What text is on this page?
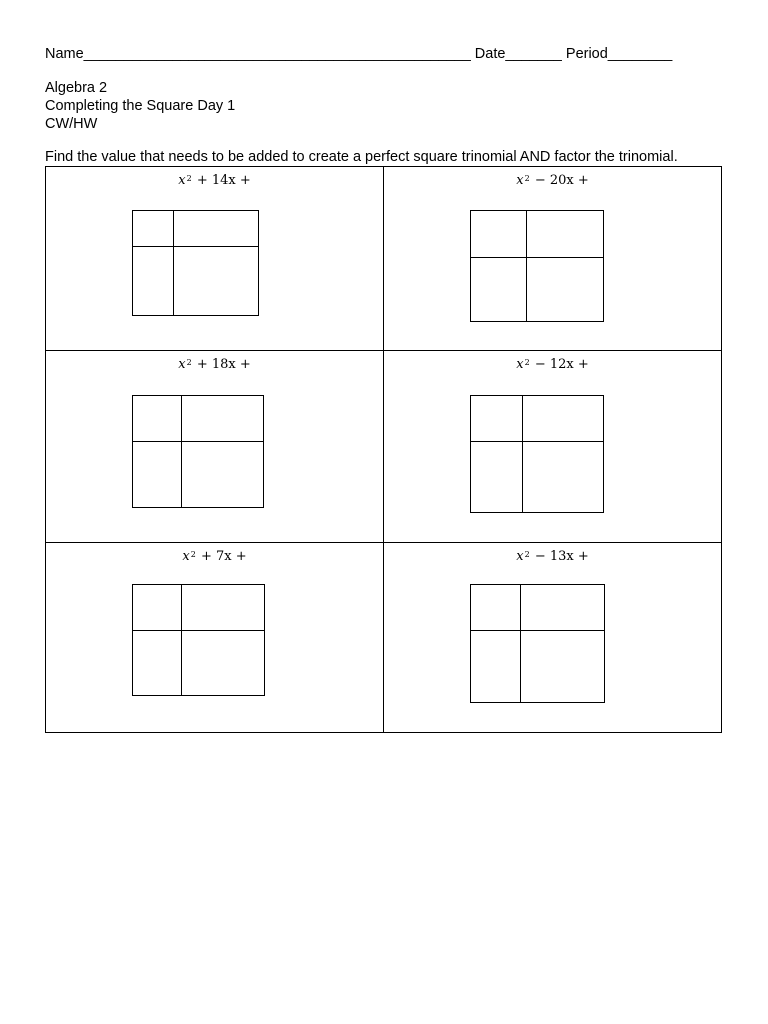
Name________________________________________________ Date_______ Period________
Algebra 2
Completing the Square Day 1
CW/HW
Find the value that needs to be added to create a perfect square trinomial AND factor the trinomial.
$x^2 + 14x$ +	$x^2 - 20x$ +
$x^2 + 18x$ +	$x^2 - 12x$ +
$x^2 + 7x$ +	$x^2 - 13x$ +
